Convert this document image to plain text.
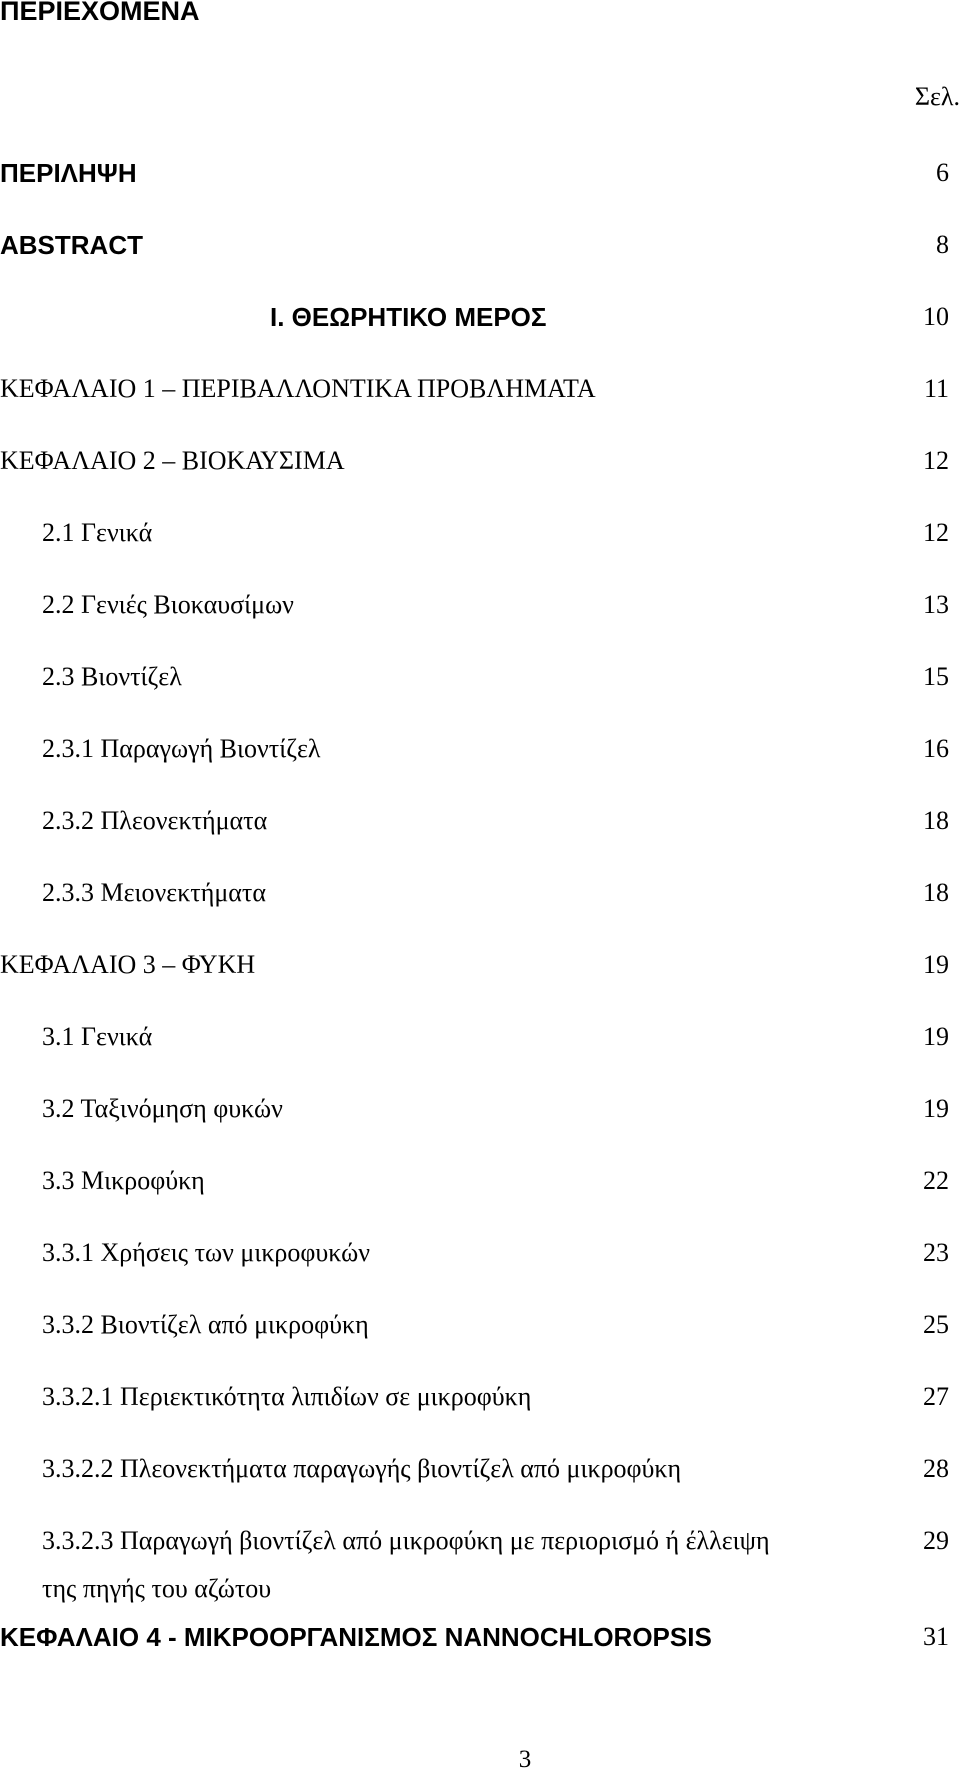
ΠΕΡΙΕΧΟΜΕΝΑ
Σελ.
ΠΕΡΙΛΗΨΗ	6
ABSTRACT	8
Ι. ΘΕΩΡΗΤΙΚΟ ΜΕΡΟΣ	10
ΚΕΦΑΛΑΙΟ 1 – ΠΕΡΙΒΑΛΛΟΝΤΙΚΑ ΠΡΟΒΛΗΜΑΤΑ	11
ΚΕΦΑΛΑΙΟ 2 – ΒΙΟΚΑΥΣΙΜΑ	12
2.1 Γενικά	12
2.2 Γενιές Βιοκαυσίμων	13
2.3 Βιοντίζελ	15
2.3.1 Παραγωγή Βιοντίζελ	16
2.3.2 Πλεονεκτήματα	18
2.3.3 Μειονεκτήματα	18
ΚΕΦΑΛΑΙΟ 3 – ΦΥΚΗ	19
3.1 Γενικά	19
3.2 Ταξινόμηση φυκών	19
3.3 Μικροφύκη	22
3.3.1 Χρήσεις των μικροφυκών	23
3.3.2 Βιοντίζελ από μικροφύκη	25
3.3.2.1 Περιεκτικότητα λιπιδίων σε μικροφύκη	27
3.3.2.2 Πλεονεκτήματα παραγωγής βιοντίζελ από μικροφύκη	28
3.3.2.3 Παραγωγή βιοντίζελ από μικροφύκη με περιορισμό ή έλλειψη	29
της πηγής του αζώτου
ΚΕΦΑΛΑΙΟ 4 - ΜΙΚΡΟΟΡΓΑΝΙΣΜΟΣ NANNOCHLOROPSIS	31
3
